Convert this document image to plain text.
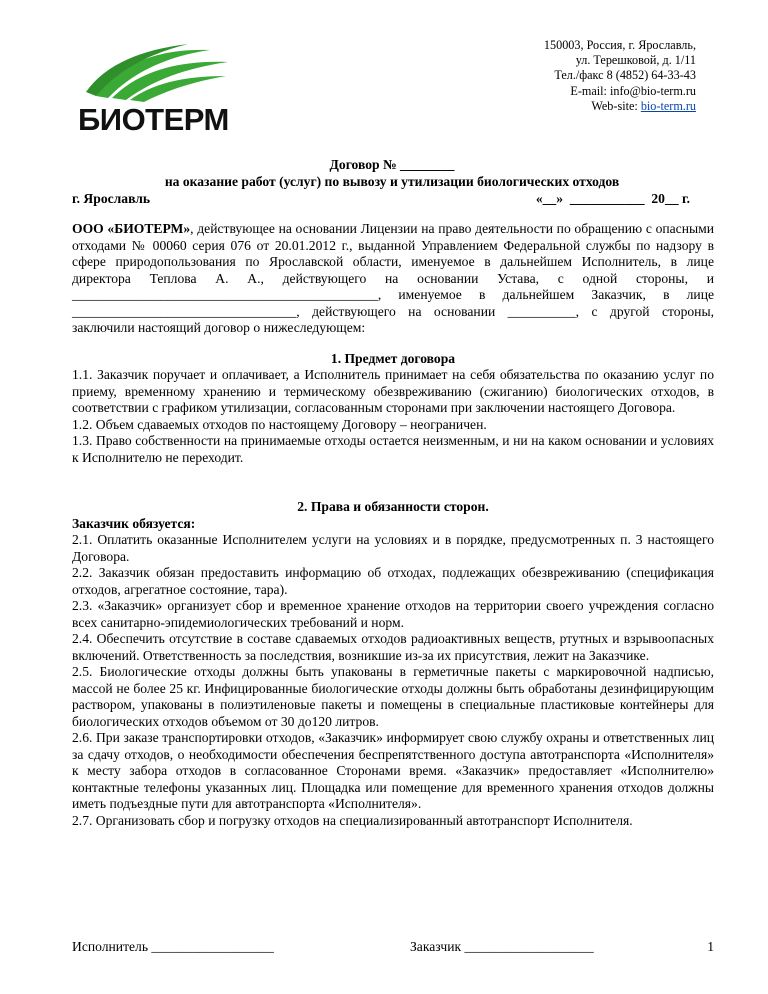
БИОТЕРМ
150003, Россия, г. Ярославль,
ул. Терешковой, д. 1/11
Тел./факс 8 (4852) 64-33-43
E-mail: info@bio-term.ru
Web-site: bio-term.ru
Договор № ________
на оказание работ (услуг) по вывозу и утилизации биологических отходов
г. Ярославль	«__»  ___________  20__ г.

ООО «БИОТЕРМ», действующее на основании Лицензии на право деятельности по обращению с опасными отходами № 00060 серия 076 от 20.01.2012 г., выданной Управлением Федеральной службы по надзору в сфере природопользования по Ярославской области, именуемое в дальнейшем Исполнитель, в лице директора Теплова А. А., действующего на основании Устава, с одной стороны, и _____________________________________________, именуемое в дальнейшем Заказчик, в лице _________________________________, действующего на основании __________, с другой стороны, заключили настоящий договор о нижеследующем:

1. Предмет договора

1.1. Заказчик поручает и оплачивает, а Исполнитель принимает на себя обязательства по оказанию услуг по приему, временному хранению и термическому обезвреживанию (сжиганию) биологических отходов, в соответствии с графиком утилизации, согласованным сторонами при заключении настоящего Договора.

1.2. Объем сдаваемых отходов по настоящему Договору – неограничен.

1.3. Право собственности на принимаемые отходы остается неизменным, и ни на каком основании и условиях к Исполнителю не переходит.

2. Права и обязанности сторон.
Заказчик обязуется:

2.1. Оплатить оказанные Исполнителем услуги на условиях и в порядке, предусмотренных п. 3 настоящего Договора.

2.2. Заказчик обязан предоставить информацию об отходах, подлежащих обезвреживанию (спецификация отходов, агрегатное состояние, тара).

2.3. «Заказчик» организует сбор и временное хранение отходов на территории своего учреждения согласно всех санитарно-эпидемиологических требований и норм.

2.4. Обеспечить отсутствие в составе сдаваемых отходов радиоактивных веществ, ртутных и взрывоопасных включений. Ответственность за последствия, возникшие из-за их присутствия, лежит на Заказчике.

2.5. Биологические отходы должны быть упакованы в герметичные пакеты с маркировочной надписью, массой не более 25 кг. Инфицированные биологические отходы должны быть обработаны дезинфицирующим раствором, упакованы в полиэтиленовые пакеты и помещены в специальные пластиковые контейнеры для биологических отходов объемом от 30 до120 литров.

2.6. При заказе транспортировки отходов, «Заказчик» информирует свою службу охраны и ответственных лиц за сдачу отходов, о необходимости обеспечения беспрепятственного доступа автотранспорта «Исполнителя» к месту забора отходов в согласованное Сторонами время. «Заказчик» предоставляет «Исполнителю» контактные телефоны указанных лиц. Площадка или помещение для временного хранения отходов должны иметь подъездные пути для автотранспорта «Исполнителя».

2.7. Организовать сбор и погрузку отходов на специализированный автотранспорт Исполнителя.

Исполнитель __________________	Заказчик ___________________	1
